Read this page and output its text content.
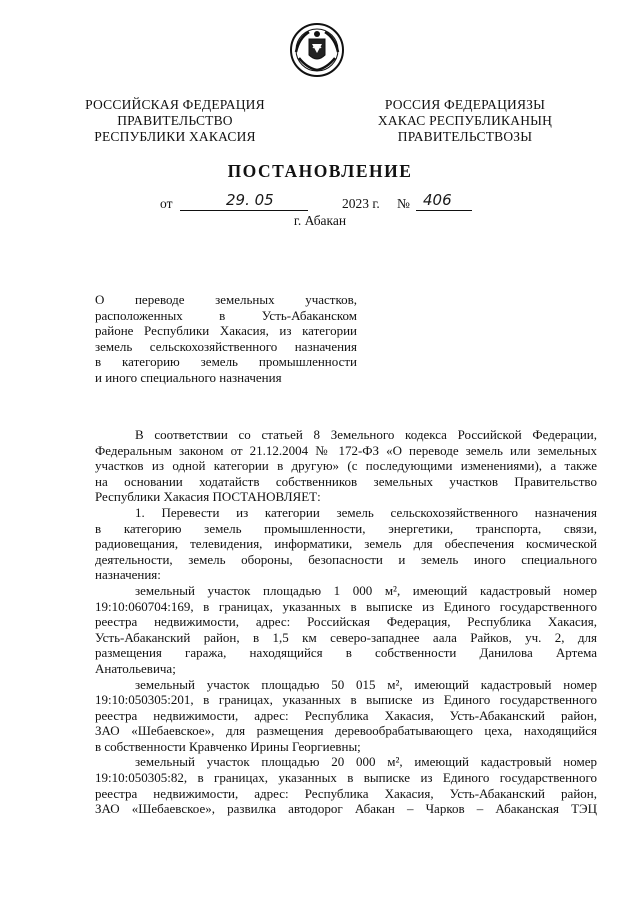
РОССИЙСКАЯ ФЕДЕРАЦИЯ
ПРАВИТЕЛЬСТВО
РЕСПУБЛИКИ ХАКАСИЯ
РОССИЯ ФЕДЕРАЦИЯЗЫ
ХАКАС РЕСПУБЛИКАНЫҢ
ПРАВИТЕЛЬСТВОЗЫ
ПОСТАНОВЛЕНИЕ
от	29. 05	2023 г. № 406
г. Абакан
О переводе земельных участков,
расположенных в Усть-Абаканском
районе Республики Хакасия, из категории
земель сельскохозяйственного назначения
в категорию земель промышленности
и иного специального назначения
В соответствии со статьей 8 Земельного кодекса Российской Федерации,
Федеральным законом от 21.12.2004 № 172-ФЗ «О переводе земель или земельных
участков из одной категории в другую» (с последующими изменениями), а также
на основании ходатайств собственников земельных участков Правительство
Республики Хакасия ПОСТАНОВЛЯЕТ:
1. Перевести из категории земель сельскохозяйственного назначения
в категорию земель промышленности, энергетики, транспорта, связи,
радиовещания, телевидения, информатики, земель для обеспечения космической
деятельности, земель обороны, безопасности и земель иного специального
назначения:
земельный участок площадью 1 000 м², имеющий кадастровый номер
19:10:060704:169, в границах, указанных в выписке из Единого государственного
реестра недвижимости, адрес: Российская Федерация, Республика Хакасия,
Усть-Абаканский район, в 1,5 км северо-западнее аала Райков, уч. 2, для
размещения гаража, находящийся в собственности Данилова Артема
Анатольевича;
земельный участок площадью 50 015 м², имеющий кадастровый номер
19:10:050305:201, в границах, указанных в выписке из Единого государственного
реестра недвижимости, адрес: Республика Хакасия, Усть-Абаканский район,
ЗАО «Шебаевское», для размещения деревообрабатывающего цеха, находящийся
в собственности Кравченко Ирины Георгиевны;
земельный участок площадью 20 000 м², имеющий кадастровый номер
19:10:050305:82, в границах, указанных в выписке из Единого государственного
реестра недвижимости, адрес: Республика Хакасия, Усть-Абаканский район,
ЗАО «Шебаевское», развилка автодорог Абакан – Чарков – Абаканская ТЭЦ
